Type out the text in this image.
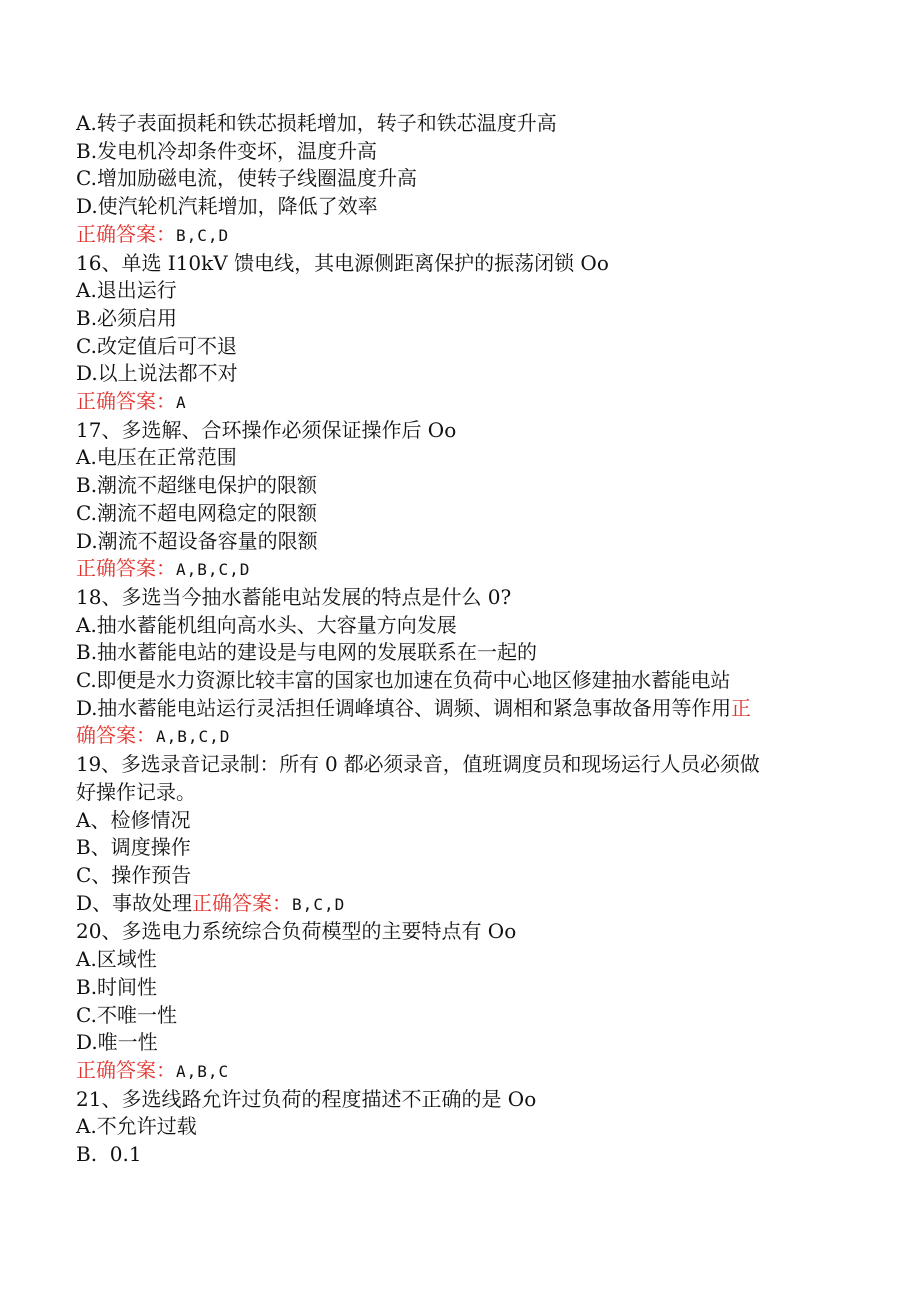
A.转子表面损耗和铁芯损耗增加，转子和铁芯温度升高
B.发电机冷却条件变坏，温度升高
C.增加励磁电流，使转子线圈温度升高
D.使汽轮机汽耗增加，降低了效率
正确答案：B,C,D
16、单选 I10kV 馈电线，其电源侧距离保护的振荡闭锁 Oo
A.退出运行
B.必须启用
C.改定值后可不退
D.以上说法都不对
正确答案：A
17、多选解、合环操作必须保证操作后 Oo
A.电压在正常范围
B.潮流不超继电保护的限额
C.潮流不超电网稳定的限额
D.潮流不超设备容量的限额
正确答案：A,B,C,D
18、多选当今抽水蓄能电站发展的特点是什么 0?
A.抽水蓄能机组向高水头、大容量方向发展
B.抽水蓄能电站的建设是与电网的发展联系在一起的
C.即便是水力资源比较丰富的国家也加速在负荷中心地区修建抽水蓄能电站
D.抽水蓄能电站运行灵活担任调峰填谷、调频、调相和紧急事故备用等作用正
确答案：A,B,C,D
19、多选录音记录制：所有 0 都必须录音，值班调度员和现场运行人员必须做
好操作记录。
A、检修情况
B、调度操作
C、操作预告
D、事故处理正确答案：B,C,D
20、多选电力系统综合负荷模型的主要特点有 Oo
A.区域性
B.时间性
C.不唯一性
D.唯一性
正确答案：A,B,C
21、多选线路允许过负荷的程度描述不正确的是 Oo
A.不允许过载
B.  0.1
